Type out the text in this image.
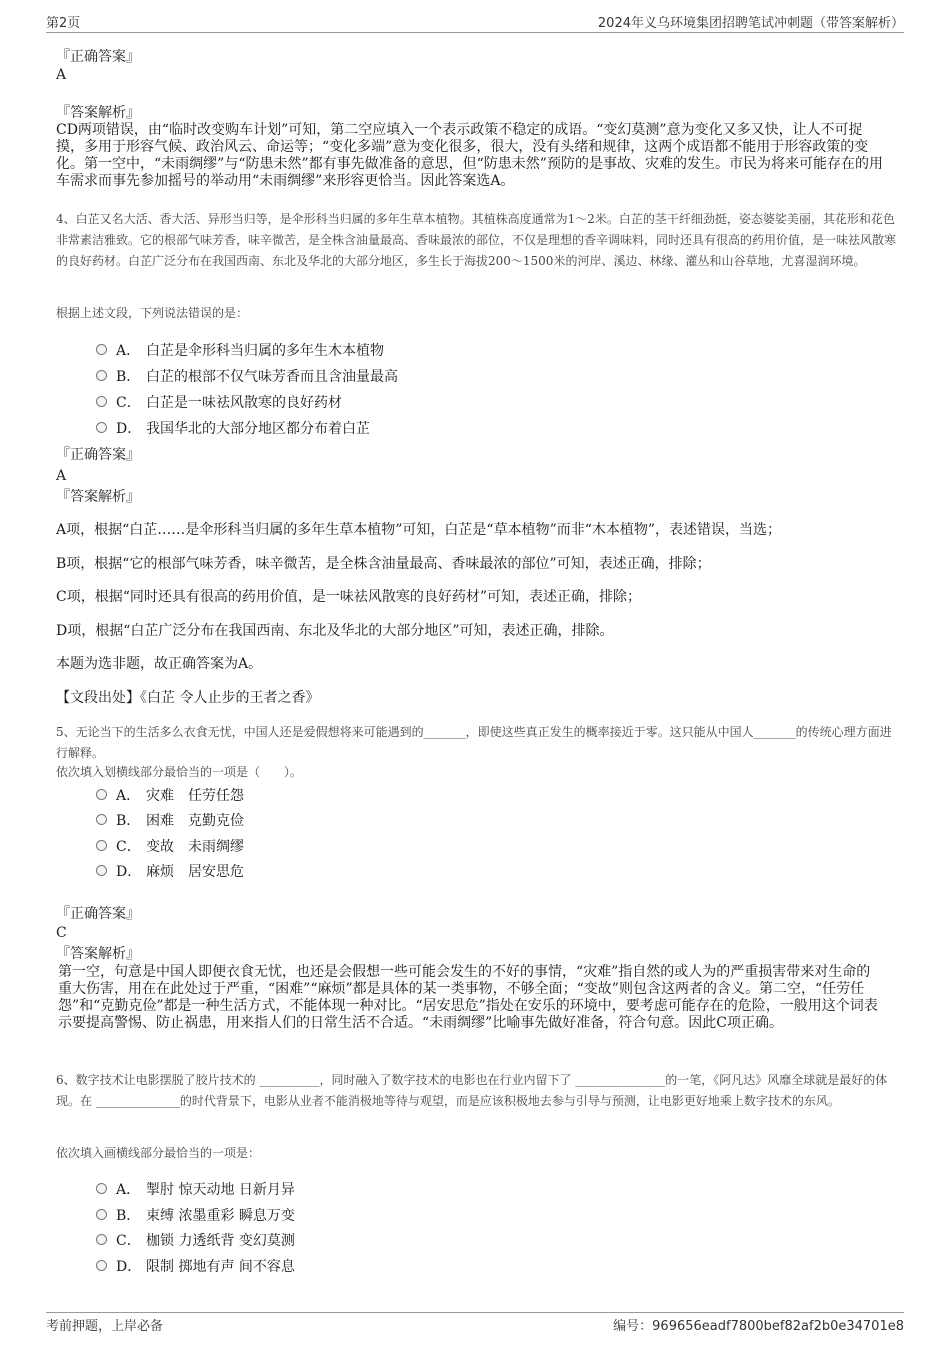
第2页	2024年义乌环境集团招聘笔试冲刺题（带答案解析）

『正确答案』

A

『答案解析』

CD两项错误，由“临时改变购车计划”可知，第二空应填入一个表示政策不稳定的成语。“变幻莫测”意为变化又多又快，让人不可捉摸，多用于形容气候、政治风云、命运等；“变化多端”意为变化很多，很大，没有头绪和规律，这两个成语都不能用于形容政策的变化。第一空中，“未雨绸缪”与“防患未然”都有事先做准备的意思，但“防患未然”预防的是事故、灾难的发生。市民为将来可能存在的用车需求而事先参加摇号的举动用“未雨绸缪”来形容更恰当。因此答案选A。

4、白芷又名大活、香大活、异形当归等，是伞形科当归属的多年生草本植物。其植株高度通常为1～2米。白芷的茎干纤细劲挺，姿态婆娑美丽，其花形和花色非常素洁雅致。它的根部气味芳香，味辛微苦，是全株含油量最高、香味最浓的部位，不仅是理想的香辛调味料，同时还具有很高的药用价值，是一味祛风散寒的良好药材。白芷广泛分布在我国西南、东北及华北的大部分地区，多生长于海拔200～1500米的河岸、溪边、林缘、灌丛和山谷草地，尤喜湿润环境。

根据上述文段，下列说法错误的是：

A． 白芷是伞形科当归属的多年生木本植物
B． 白芷的根部不仅气味芳香而且含油量最高
C． 白芷是一味祛风散寒的良好药材
D． 我国华北的大部分地区都分布着白芷

『正确答案』

A

『答案解析』

A项，根据“白芷……是伞形科当归属的多年生草本植物”可知，白芷是“草本植物”而非“木本植物”，表述错误，当选；

B项，根据“它的根部气味芳香，味辛微苦，是全株含油量最高、香味最浓的部位”可知，表述正确，排除；

C项，根据“同时还具有很高的药用价值，是一味祛风散寒的良好药材”可知，表述正确，排除；

D项，根据“白芷广泛分布在我国西南、东北及华北的大部分地区”可知，表述正确，排除。

本题为选非题，故正确答案为A。

【文段出处】《白芷 令人止步的王者之香》

5、无论当下的生活多么衣食无忧，中国人还是爱假想将来可能遇到的_______，即使这些真正发生的概率接近于零。这只能从中国人_______的传统心理方面进行解释。

依次填入划横线部分最恰当的一项是（　　）。

A． 灾难 任劳任怨
B． 困难 克勤克俭
C． 变故 未雨绸缪
D． 麻烦 居安思危

『正确答案』

C

『答案解析』

第一空，句意是中国人即便衣食无忧，也还是会假想一些可能会发生的不好的事情，“灾难”指自然的或人为的严重损害带来对生命的重大伤害，用在在此处过于严重，“困难”“麻烦”都是具体的某一类事物，不够全面；“变故”则包含这两者的含义。第二空，“任劳任怨”和“克勤克俭”都是一种生活方式，不能体现一种对比。“居安思危”指处在安乐的环境中，要考虑可能存在的危险，一般用这个词表示要提高警惕、防止祸患，用来指人们的日常生活不合适。“未雨绸缪”比喻事先做好准备，符合句意。因此C项正确。

6、数字技术让电影摆脱了胶片技术的 __________，同时融入了数字技术的电影也在行业内留下了 _______________的一笔，《阿凡达》风靡全球就是最好的体现。在 ______________的时代背景下，电影从业者不能消极地等待与观望，而是应该积极地去参与引导与预测，让电影更好地乘上数字技术的东风。

依次填入画横线部分最恰当的一项是：

A． 掣肘 惊天动地 日新月异
B． 束缚 浓墨重彩 瞬息万变
C． 枷锁 力透纸背 变幻莫测
D． 限制 掷地有声 间不容息
考前押题，上岸必备	编号：969656eadf7800bef82af2b0e34701e8
